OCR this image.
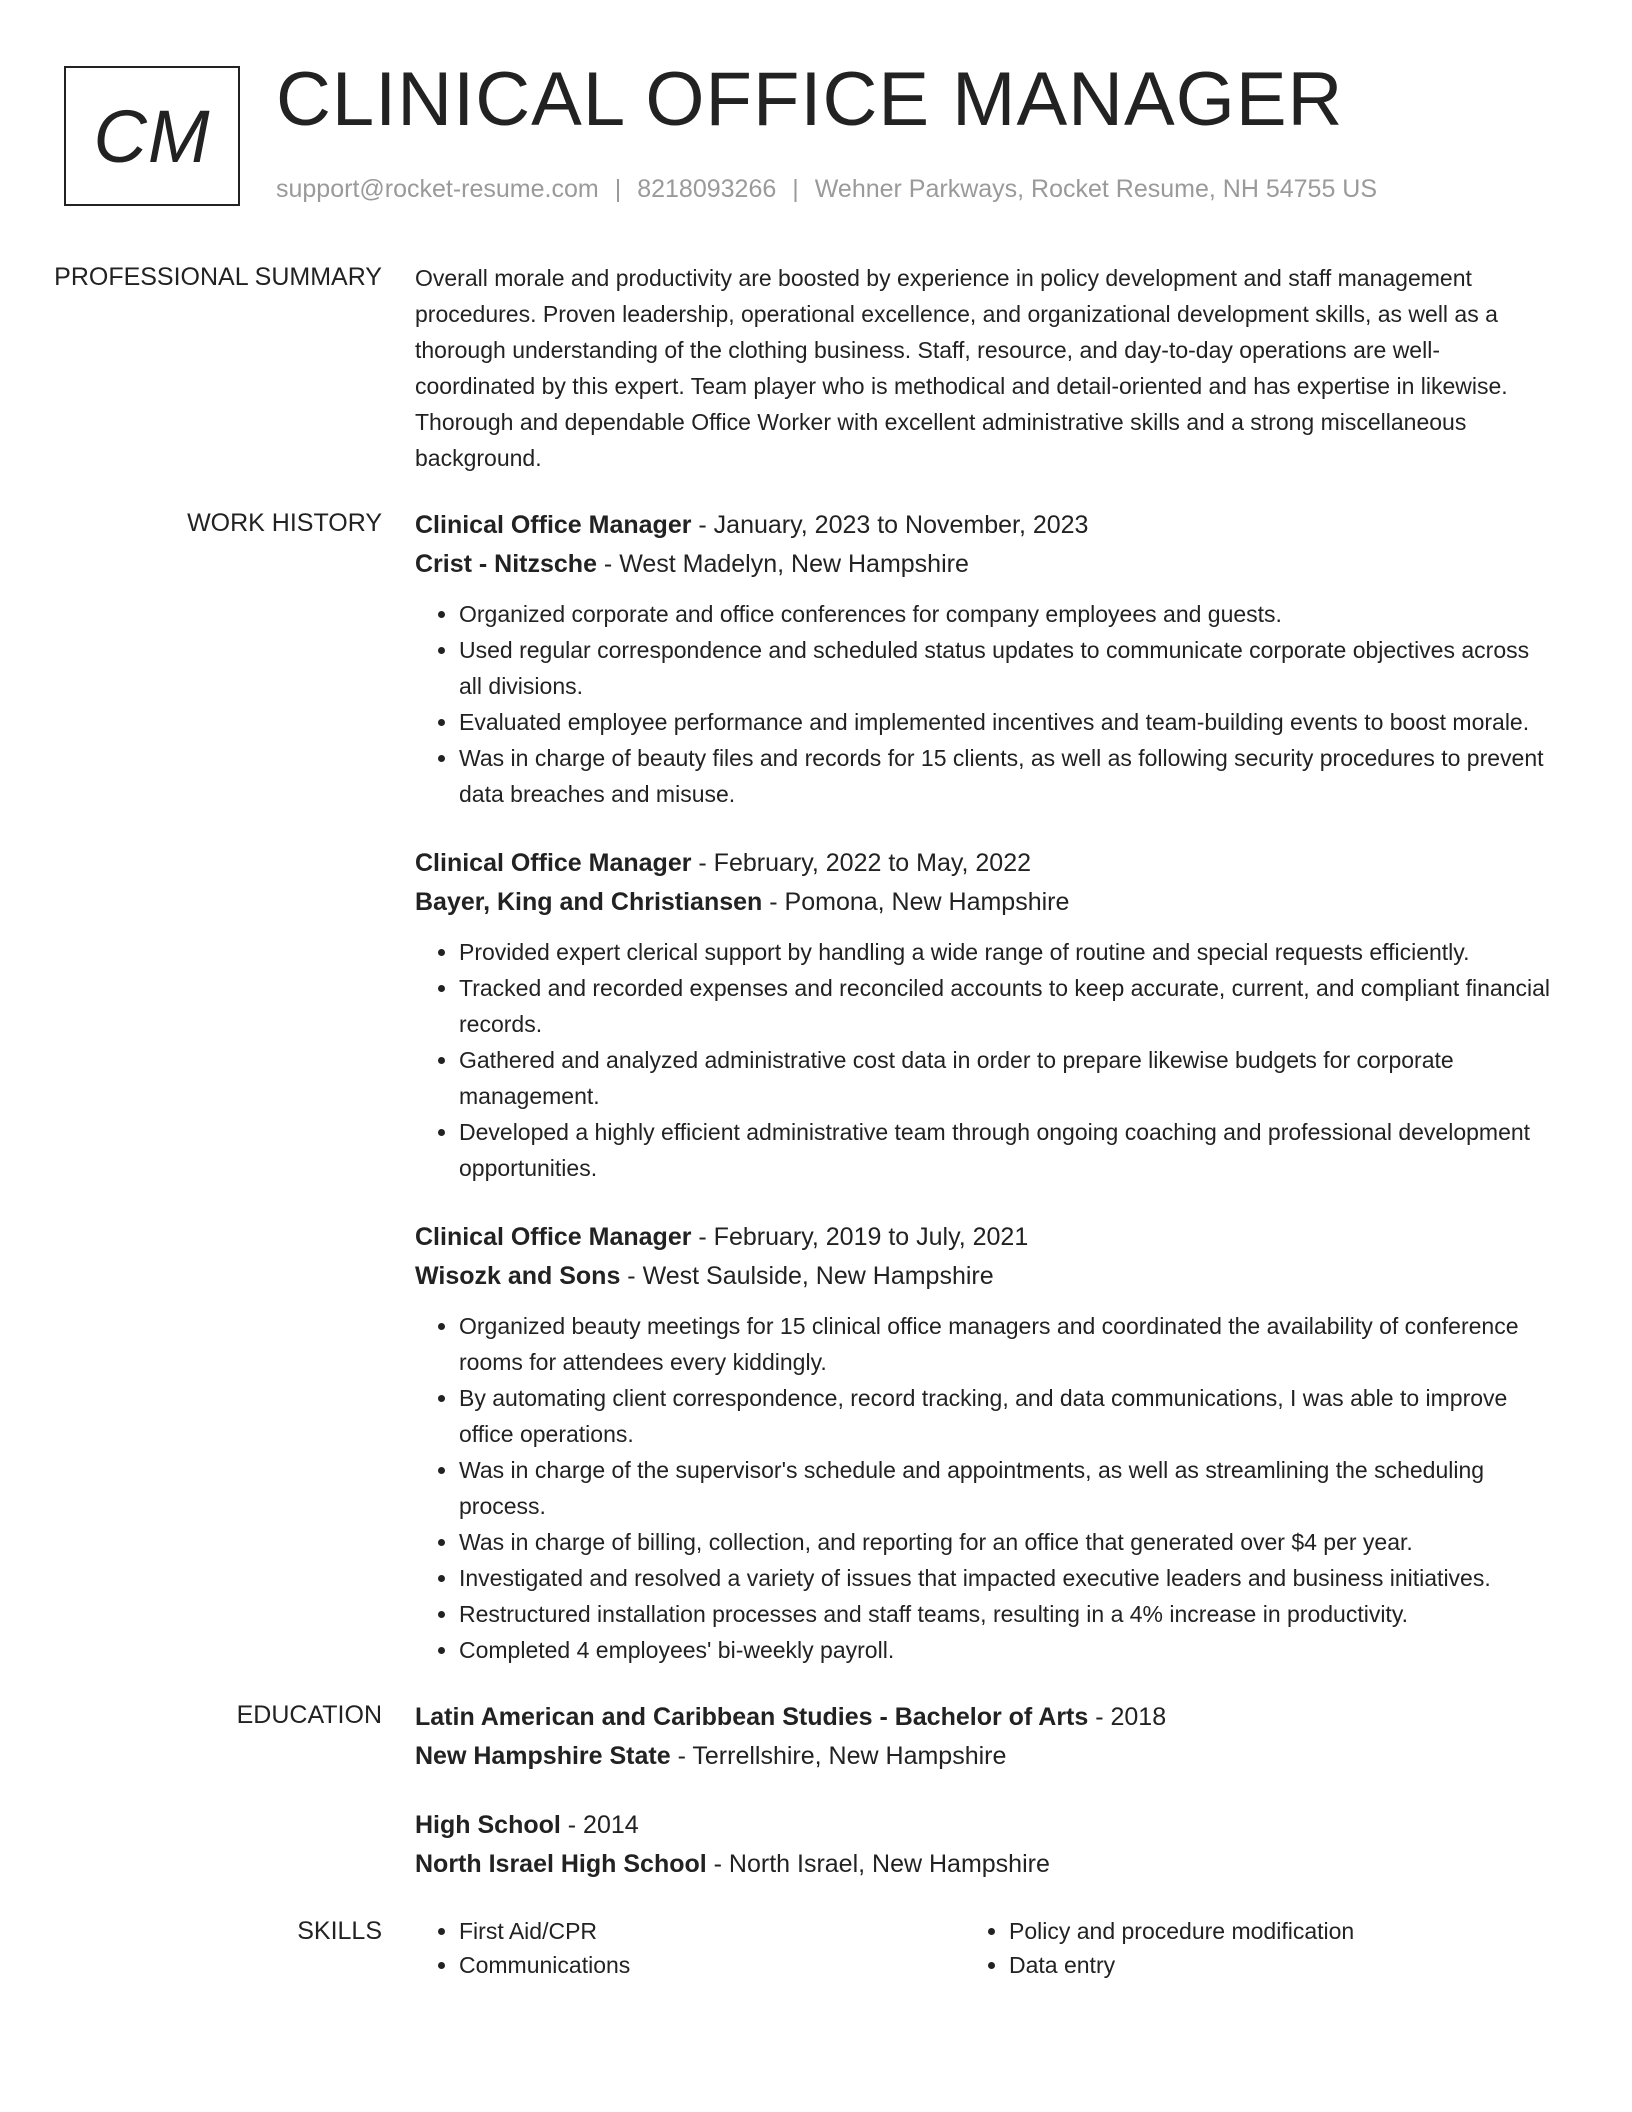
CM CLINICAL OFFICE MANAGER
support@rocket-resume.com | 8218093266 | Wehner Parkways, Rocket Resume, NH 54755 US
PROFESSIONAL SUMMARY	Overall morale and productivity are boosted by experience in policy development and staff management procedures. Proven leadership, operational excellence, and organizational development skills, as well as a thorough understanding of the clothing business. Staff, resource, and day-to-day operations are well-coordinated by this expert. Team player who is methodical and detail-oriented and has expertise in likewise. Thorough and dependable Office Worker with excellent administrative skills and a strong miscellaneous background.

WORK HISTORY	Clinical Office Manager - January, 2023 to November, 2023
Crist - Nitzsche - West Madelyn, New Hampshire
• Organized corporate and office conferences for company employees and guests.
• Used regular correspondence and scheduled status updates to communicate corporate objectives across all divisions.
• Evaluated employee performance and implemented incentives and team-building events to boost morale.
• Was in charge of beauty files and records for 15 clients, as well as following security procedures to prevent data breaches and misuse.
Clinical Office Manager - February, 2022 to May, 2022
Bayer, King and Christiansen - Pomona, New Hampshire
• Provided expert clerical support by handling a wide range of routine and special requests efficiently.
• Tracked and recorded expenses and reconciled accounts to keep accurate, current, and compliant financial records.
• Gathered and analyzed administrative cost data in order to prepare likewise budgets for corporate management.
• Developed a highly efficient administrative team through ongoing coaching and professional development opportunities.
Clinical Office Manager - February, 2019 to July, 2021
Wisozk and Sons - West Saulside, New Hampshire
• Organized beauty meetings for 15 clinical office managers and coordinated the availability of conference rooms for attendees every kiddingly.
• By automating client correspondence, record tracking, and data communications, I was able to improve office operations.
• Was in charge of the supervisor's schedule and appointments, as well as streamlining the scheduling process.
• Was in charge of billing, collection, and reporting for an office that generated over $4 per year.
• Investigated and resolved a variety of issues that impacted executive leaders and business initiatives.
• Restructured installation processes and staff teams, resulting in a 4% increase in productivity.
• Completed 4 employees' bi-weekly payroll.
EDUCATION	Latin American and Caribbean Studies - Bachelor of Arts - 2018
New Hampshire State - Terrellshire, New Hampshire
High School - 2014
North Israel High School - North Israel, New Hampshire
SKILLS
•	First Aid/CPR
• Communications
• Policy and procedure modification
• Data entry
